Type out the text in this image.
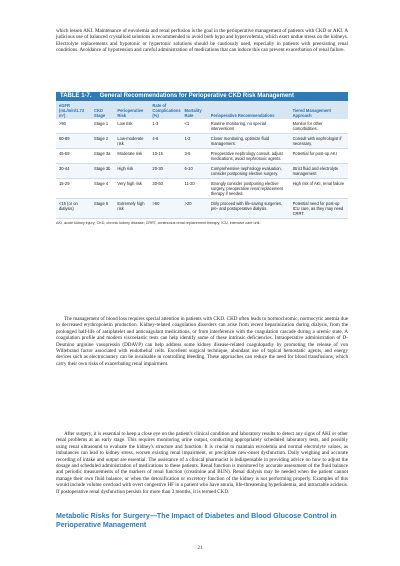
which lessen AKI. Maintenance of euvolemia and renal perfusion is the goal in the perioperative management of patients with CKD or AKI. A judicious use of balanced crystalloid solutions is recommended to avoid both hypo and hypervolemia, which exert undue stress on the kidneys. Electrolyte replacements and hypotonic or hypertonic solutions should be cautiously used, especially in patients with preexisting renal conditions. Avoidance of hypotension and careful administration of medications that can induce this can prevent exacerbation of renal failure.

TABLE 1-7. General Recommendations for Perioperative CKD Risk Management
eGFR (mL/min/1.73 m²)	CKD Stage	Perioperative Risk	Rate of Complications (%)	Mortality Rate	Perioperative Recommendations	Tiered Management Approach
>90	Stage 1	Low risk	1-3	<1	Routine monitoring, no special interventions	Monitor for other comorbidities.
60-89	Stage 2	Low-moderate risk	4-6	1-2	Closer monitoring, optimize fluid management.	Consult with nephrologist if necessary.
45-59	Stage 3a	Moderate risk	10-15	3-5	Preoperative nephrology consult, adjust medications, avoid nephrotoxic agents.	Potential for post-op AKI
30-44	Stage 3b	High risk	20-30	6-10	Comprehensive nephrology evaluation, consider postponing elective surgery.	Strict fluid and electrolyte management
15-29	Stage 4	Very high risk	30-50	11-20	Strongly consider postponing elective surgery, preoperative renal replacement therapy if needed.	High risk of AKI, renal failure
<15 (or on dialysis)	Stage 5	Extremely high risk	>50	>20	Only proceed with life-saving surgeries, pre- and postoperative dialysis.	Potential need for post-op ICU care, as they may need CRRT.
AKI, acute kidney injury; CKD, chronic kidney disease; CRRT, continuous renal replacement therapy; ICU, intensive care unit.

The management of blood loss requires special attention in patients with CKD. CKD often leads to normochromic, normocytic anemia due to decreased erythropoietin production. Kidney-related coagulation disorders can arise from recent heparinization during dialysis, from the prolonged half-life of antiplatelet and anticoagulant medications, or from interference with the coagulation cascade during a uremic state. A coagulation profile and modern viscoelastic tests can help identify some of these intrinsic deficiencies. Intraoperative administration of D-Desmino arginine vasopressin (DDAVP) can help address some kidney disease-related coagulopathy by promoting the release of von Willebrand factor associated with endothelial cells. Excellent surgical technique, abundant use of topical hemostatic agents, and energy devices such as electrocautery can be invaluable in controlling bleeding. These approaches can reduce the need for blood transfusions, which carry their own risks of exacerbating renal impairment.

After surgery, it is essential to keep a close eye on the patient's clinical condition and laboratory results to detect any signs of AKI or other renal problems at an early stage. This requires monitoring urine output, conducting appropriately scheduled laboratory tests, and possibly using renal ultrasound to evaluate the kidney's structure and function. It is crucial to maintain euvolemia and normal electrolyte values, as imbalances can lead to kidney stress, worsen existing renal impairment, or precipitate new-onset dysfunction. Daily weighing and accurate recording of intake and output are essential. The assistance of a clinical pharmacist is indispensable in providing advice on how to adjust the dosage and scheduled administration of medications to these patients. Renal function is monitored by accurate assessment of the fluid balance and periodic measurements of the markers of renal function (creatinine and BUN). Renal dialysis may be needed when the patient cannot manage their own fluid balance, or when the detoxification or excretory function of the kidney is not performing properly. Examples of this would include volume overload with overt congestive HF in a patient who have anuria, life-threatening hyperkalemia, and intractable acidosis. If postoperative renal dysfunction persists for more than 3 months, it is termed CKD.

Metabolic Risks for Surgery—The Impact of Diabetes and Blood Glucose Control in Perioperative Management
21
